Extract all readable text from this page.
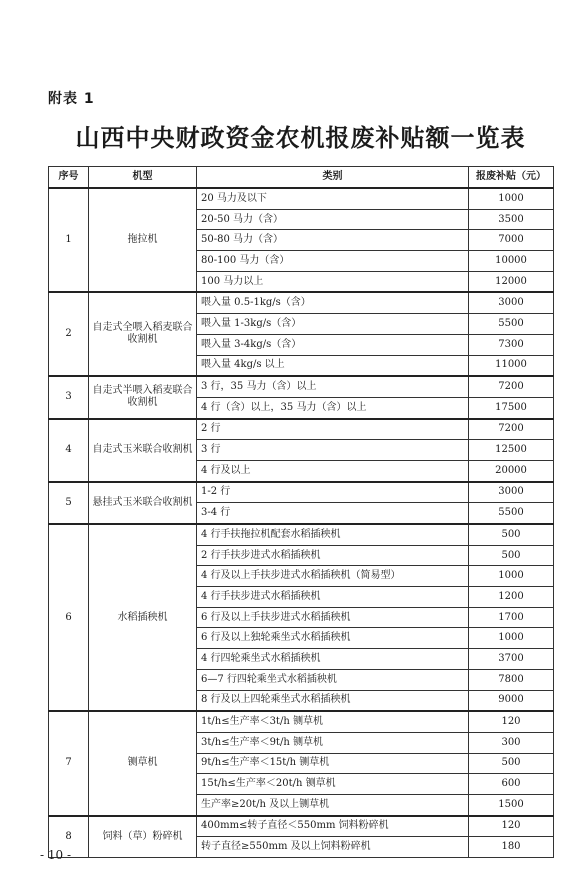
附表 1
山西中央财政资金农机报废补贴额一览表
序号	机型	类别	报废补贴（元）
1	拖拉机	20 马力及以下	1000
		20-50 马力（含）	3500
		50-80 马力（含）	7000
		80-100 马力（含）	10000
		100 马力以上	12000
2	自走式全喂入稻麦联合收割机	喂入量 0.5-1kg/s（含）	3000
		喂入量 1-3kg/s（含）	5500
		喂入量 3-4kg/s（含）	7300
		喂入量 4kg/s 以上	11000
3	自走式半喂入稻麦联合收割机	3 行，35 马力（含）以上	7200
		4 行（含）以上，35 马力（含）以上	17500
4	自走式玉米联合收割机	2 行	7200
		3 行	12500
		4 行及以上	20000
5	悬挂式玉米联合收割机	1-2 行	3000
		3-4 行	5500
6	水稻插秧机	4 行手扶拖拉机配套水稻插秧机	500
		2 行手扶步进式水稻插秧机	500
		4 行及以上手扶步进式水稻插秧机（简易型）	1000
		4 行手扶步进式水稻插秧机	1200
		6 行及以上手扶步进式水稻插秧机	1700
		6 行及以上独轮乘坐式水稻插秧机	1000
		4 行四轮乘坐式水稻插秧机	3700
		6—7 行四轮乘坐式水稻插秧机	7800
		8 行及以上四轮乘坐式水稻插秧机	9000
7	铡草机	1t/h≤生产率＜3t/h 铡草机	120
		3t/h≤生产率＜9t/h 铡草机	300
		9t/h≤生产率＜15t/h 铡草机	500
		15t/h≤生产率＜20t/h 铡草机	600
		生产率≥20t/h 及以上铡草机	1500
8	饲料（草）粉碎机	400mm≤转子直径＜550mm 饲料粉碎机	120
		转子直径≥550mm 及以上饲料粉碎机	180
- 10 -
